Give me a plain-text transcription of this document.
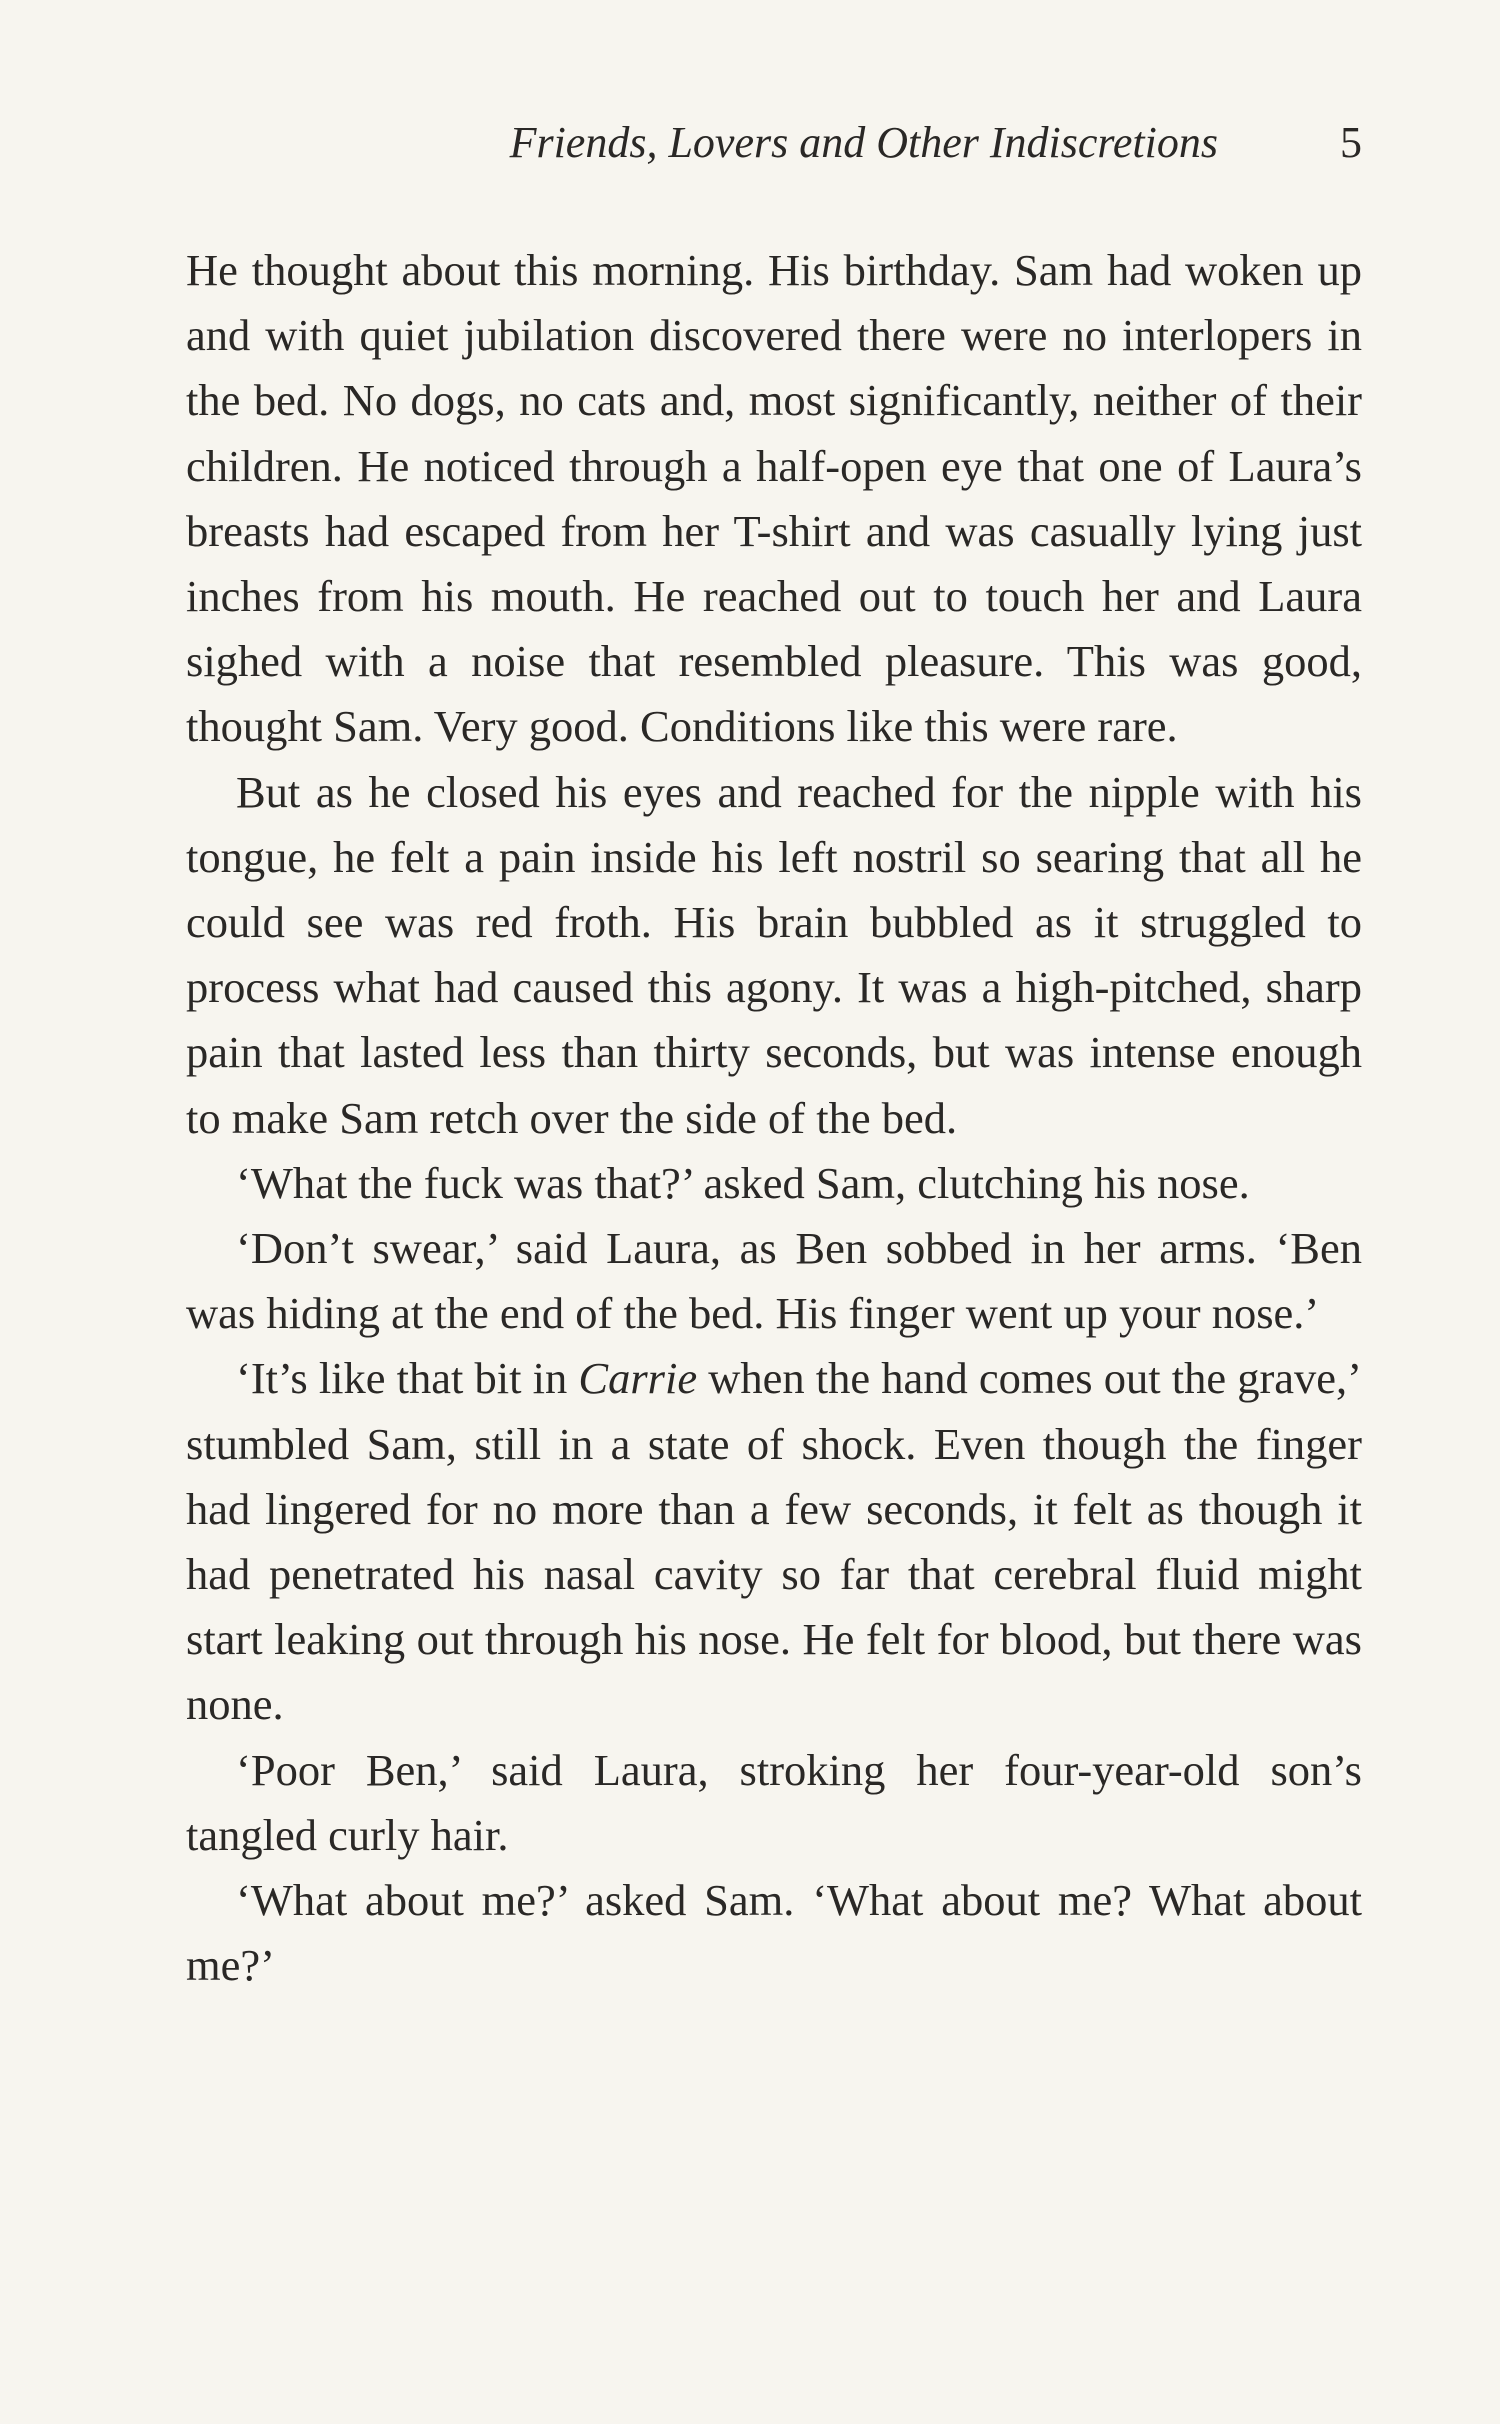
Friends, Lovers and Other Indiscretions	5

He thought about this morning. His birthday. Sam had woken up and with quiet jubilation discovered there were no interlopers in the bed. No dogs, no cats and, most significantly, neither of their children. He noticed through a half-open eye that one of Laura’s breasts had escaped from her T-shirt and was casually lying just inches from his mouth. He reached out to touch her and Laura sighed with a noise that resembled pleasure. This was good, thought Sam. Very good. Conditions like this were rare.

But as he closed his eyes and reached for the nipple with his tongue, he felt a pain inside his left nostril so searing that all he could see was red froth. His brain bubbled as it struggled to process what had caused this agony. It was a high-pitched, sharp pain that lasted less than thirty seconds, but was intense enough to make Sam retch over the side of the bed.

‘What the fuck was that?’ asked Sam, clutching his nose.

‘Don’t swear,’ said Laura, as Ben sobbed in her arms. ‘Ben was hiding at the end of the bed. His finger went up your nose.’

‘It’s like that bit in Carrie when the hand comes out the grave,’ stumbled Sam, still in a state of shock. Even though the finger had lingered for no more than a few seconds, it felt as though it had penetrated his nasal cavity so far that cerebral fluid might start leaking out through his nose. He felt for blood, but there was none.

‘Poor Ben,’ said Laura, stroking her four-year-old son’s tangled curly hair.

‘What about me?’ asked Sam. ‘What about me? What about me?’
